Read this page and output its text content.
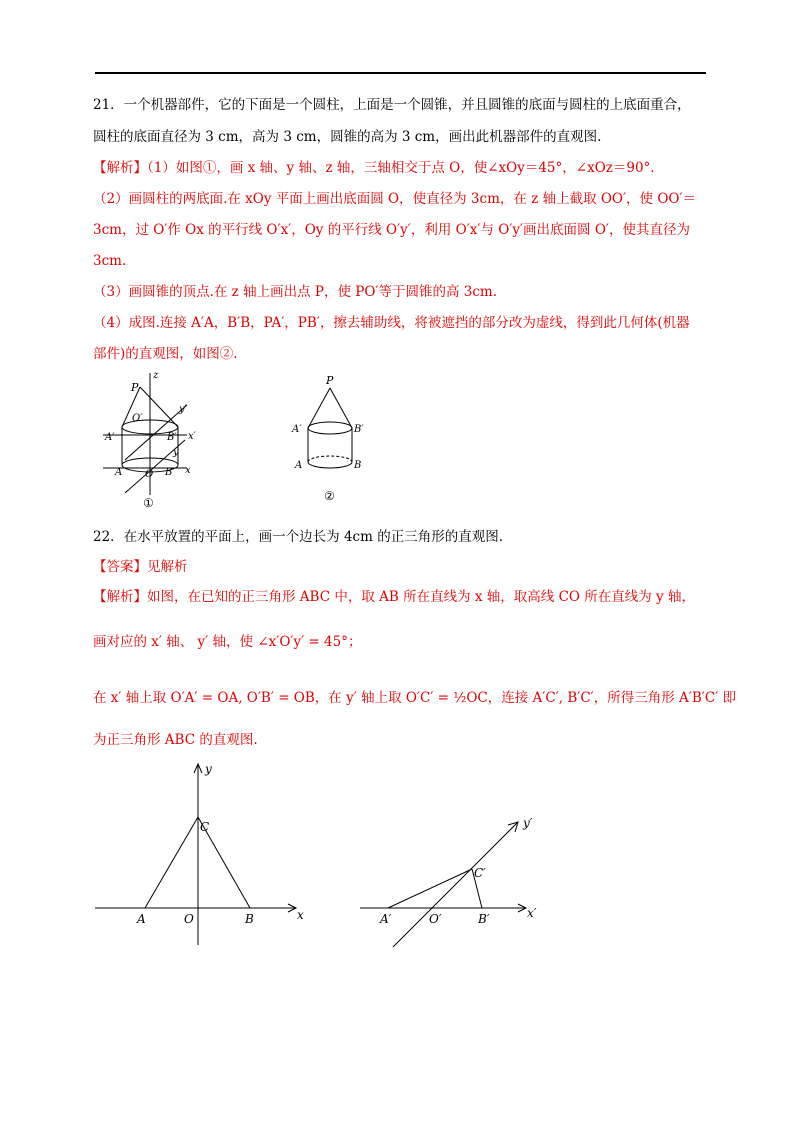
21．一个机器部件，它的下面是一个圆柱，上面是一个圆锥，并且圆锥的底面与圆柱的上底面重合，
圆柱的底面直径为 3 cm，高为 3 cm，圆锥的高为 3 cm，画出此机器部件的直观图.
【解析】（1）如图①，画 x 轴、y 轴、z 轴，三轴相交于点 O，使∠xOy＝45°，∠xOz＝90°.
（2）画圆柱的两底面.在 xOy 平面上画出底面圆 O，使直径为 3cm，在 z 轴上截取 OO′，使 OO′＝
3cm，过 O′作 Ox 的平行线 O′x′，Oy 的平行线 O′y′，利用 O′x′与 O′y′画出底面圆 O′，使其直径为
3cm.
（3）画圆锥的顶点.在 z 轴上画出点 P，使 PO′等于圆锥的高 3cm.
（4）成图.连接 A′A，B′B，PA′，PB′，擦去辅助线，将被遮挡的部分改为虚线，得到此几何体(机器
部件)的直观图，如图②.
P
z
O′
y′
A′	B′ x′
y
A O B x
①
P
A′	B′
A	B
②
22．在水平放置的平面上，画一个边长为 4cm 的正三角形的直观图.
【答案】见解析
【解析】如图，在已知的正三角形 ABC 中，取 AB 所在直线为 x 轴，取高线 CO 所在直线为 y 轴，
画对应的 x′ 轴、 y′ 轴，使 ∠x′O′y′ = 45°；
在 x′ 轴上取 O′A′ = OA, O′B′ = OB，在 y′ 轴上取 O′C′ = ½OC，连接 A′C′, B′C′，所得三角形 A′B′C′ 即
为正三角形 ABC 的直观图.
y
C
A	O	B	x
y′
C′
A′	O′	B′	x′
